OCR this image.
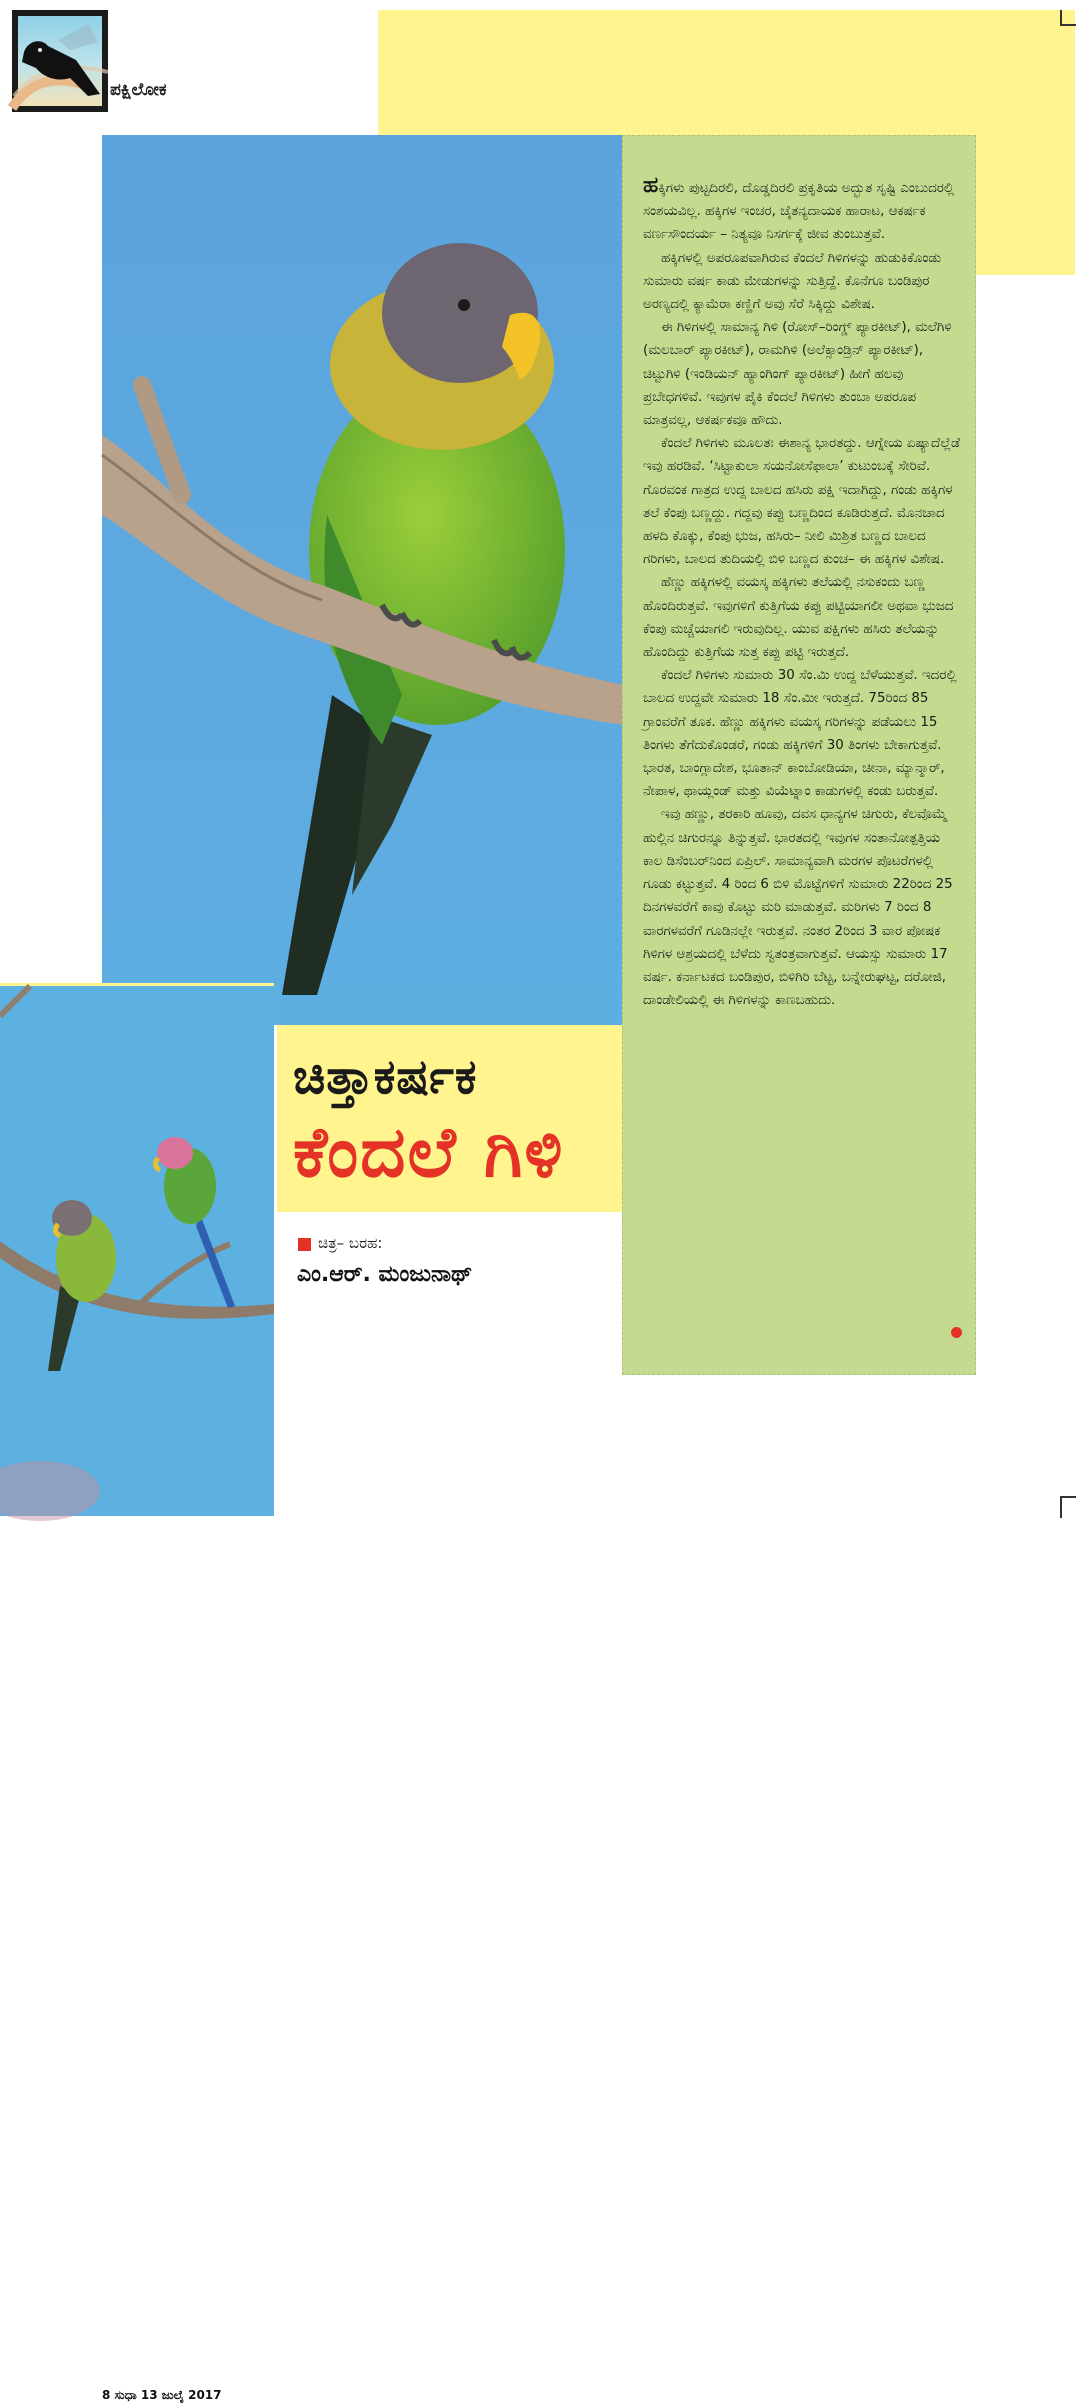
ಪಕ್ಷಿಲೋಕ
ಚಿತ್ತಾಕರ್ಷಕ
ಕೆಂದಲೆ ಗಿಳಿ
ಚಿತ್ರ– ಬರಹ:
ಎಂ.ಆರ್. ಮಂಜುನಾಥ್
8 ಸುಧಾ 13 ಜುಲೈ 2017

ಹಕ್ಕಿಗಳು ಪುಟ್ಟದಿರಲಿ, ದೊಡ್ಡದಿರಲಿ ಪ್ರಕೃತಿಯ ಅದ್ಭುತ ಸೃಷ್ಟಿ ಎಂಬುದರಲ್ಲಿ ಸಂಶಯವಿಲ್ಲ. ಹಕ್ಕಿಗಳ ಇಂಚರ, ಚೈತನ್ಯದಾಯಕ ಹಾರಾಟ, ಆಕರ್ಷಕ ವರ್ಣಸೌಂದರ್ಯ – ನಿತ್ಯವೂ ನಿಸರ್ಗಕ್ಕೆ ಜೀವ ತುಂಬುತ್ತವೆ.

ಹಕ್ಕಿಗಳಲ್ಲಿ ಅಪರೂಪವಾಗಿರುವ ಕೆಂದಲೆ ಗಿಳಿಗಳನ್ನು ಹುಡುಕಿಕೊಂಡು ಸುಮಾರು ವರ್ಷ ಕಾಡು ಮೇಡುಗಳನ್ನು ಸುತ್ತಿದ್ದೆ. ಕೊನೆಗೂ ಬಂಡಿಪುರ ಅರಣ್ಯದಲ್ಲಿ ಕ್ಯಾಮೆರಾ ಕಣ್ಣಿಗೆ ಅವು ಸೆರೆ ಸಿಕ್ಕಿದ್ದು ವಿಶೇಷ.

ಈ ಗಿಳಿಗಳಲ್ಲಿ ಸಾಮಾನ್ಯ ಗಿಳಿ (ರೋಸ್–ರಿಂಗ್ಡ್ ಪ್ಯಾರಕೀಟ್), ಮಲೆಗಿಳಿ (ಮಲಬಾರ್ ಪ್ಯಾರಕೀಟ್), ರಾಮಗಿಳಿ (ಅಲೆಕ್ಸಾಂಡ್ರಿನ್ ಪ್ಯಾರಕೀಟ್), ಚಿಟ್ಟುಗಿಳಿ (ಇಂಡಿಯನ್ ಹ್ಯಾಂಗಿಂಗ್ ಪ್ಯಾರಕೀಟ್) ಹೀಗೆ ಹಲವು ಪ್ರಬೇಧಗಳಿವೆ. ಇವುಗಳ ಪೈಕಿ ಕೆಂದಲೆ ಗಿಳಿಗಳು ತುಂಬಾ ಅಪರೂಪ ಮಾತ್ರವಲ್ಲ, ಆಕರ್ಷಕವೂ ಹೌದು.

ಕೆಂದಲೆ ಗಿಳಿಗಳು ಮೂಲತಃ ಈಶಾನ್ಯ ಭಾರತದ್ದು. ಆಗ್ನೇಯ ಏಷ್ಯಾದೆಲ್ಲೆಡೆ ಇವು ಹರಡಿವೆ. ‘ಸಿಟ್ಟಾಕುಲಾ ಸಯನೋಸೆಫಾಲಾ’ ಕುಟುಂಬಕ್ಕೆ ಸೇರಿವೆ. ಗೊರವಂಕ ಗಾತ್ರದ ಉದ್ದ ಬಾಲದ ಹಸಿರು ಪಕ್ಷಿ ಇದಾಗಿದ್ದು, ಗಂಡು ಹಕ್ಕಿಗಳ ತಲೆ ಕೆಂಪು ಬಣ್ಣದ್ದು. ಗದ್ದವು ಕಪ್ಪು ಬಣ್ಣದಿಂದ ಕೂಡಿರುತ್ತದೆ. ಮೊನಚಾದ ಹಳದಿ ಕೊಕ್ಕು, ಕೆಂಪು ಭುಜ, ಹಸಿರು– ನೀಲಿ ಮಿಶ್ರಿತ ಬಣ್ಣದ ಬಾಲದ ಗರಿಗಳು, ಬಾಲದ ತುದಿಯಲ್ಲಿ ಬಿಳಿ ಬಣ್ಣದ ಕುಂಚ– ಈ ಹಕ್ಕಿಗಳ ವಿಶೇಷ.

ಹೆಣ್ಣು ಹಕ್ಕಿಗಳಲ್ಲಿ ವಯಸ್ಕ ಹಕ್ಕಿಗಳು ತಲೆಯಲ್ಲಿ ನಸುಕಂದು ಬಣ್ಣ ಹೊಂದಿರುತ್ತವೆ. ಇವುಗಳಿಗೆ ಕುತ್ತಿಗೆಯ ಕಪ್ಪು ಪಟ್ಟಿಯಾಗಲೀ ಅಥವಾ ಭುಜದ ಕೆಂಪು ಮಚ್ಚೆಯಾಗಲಿ ಇರುವುದಿಲ್ಲ. ಯುವ ಪಕ್ಷಿಗಳು ಹಸಿರು ತಲೆಯನ್ನು ಹೊಂದಿದ್ದು ಕುತ್ತಿಗೆಯ ಸುತ್ತ ಕಪ್ಪು ಪಟ್ಟಿ ಇರುತ್ತದೆ.

ಕೆಂದಲೆ ಗಿಳಿಗಳು ಸುಮಾರು 30 ಸೆಂ.ಮಿ ಉದ್ದ ಬೆಳೆಯುತ್ತವೆ. ಇದರಲ್ಲಿ ಬಾಲದ ಉದ್ದವೇ ಸುಮಾರು 18 ಸೆಂ.ಮೀ ಇರುತ್ತದೆ. 75ರಿಂದ 85 ಗ್ರಾಂವರೆಗೆ ತೂಕ. ಹೆಣ್ಣು ಹಕ್ಕಿಗಳು ವಯಸ್ಕ ಗರಿಗಳನ್ನು ಪಡೆಯಲು 15 ತಿಂಗಳು ತೆಗೆದುಕೊಂಡರೆ, ಗಂಡು ಹಕ್ಕಿಗಳಿಗೆ 30 ತಿಂಗಳು ಬೇಕಾಗುತ್ತವೆ. ಭಾರತ, ಬಾಂಗ್ಲಾದೇಶ, ಭೂತಾನ್ ಕಾಂಬೋಡಿಯಾ, ಚೀನಾ, ಮ್ಯಾನ್ಮಾರ್, ನೇಪಾಳ, ಥಾಯ್ಲಂಡ್ ಮತ್ತು ವಿಯೆಟ್ನಾಂ ಕಾಡುಗಳಲ್ಲಿ ಕಂಡು ಬರುತ್ತವೆ.

ಇವು ಹಣ್ಣು, ತರಕಾರಿ ಹೂವು, ದವಸ ಧಾನ್ಯಗಳ ಚಿಗುರು, ಕೆಲವೊಮ್ಮೆ ಹುಲ್ಲಿನ ಚಿಗುರನ್ನೂ ತಿನ್ನುತ್ತವೆ. ಭಾರತದಲ್ಲಿ ಇವುಗಳ ಸಂತಾನೋತ್ಪತ್ತಿಯ ಕಾಲ ಡಿಸೆಂಬರ್‌ನಿಂದ ಏಪ್ರಿಲ್. ಸಾಮಾನ್ಯವಾಗಿ ಮರಗಳ ಪೊಟರೆಗಳಲ್ಲಿ ಗೂಡು ಕಟ್ಟುತ್ತವೆ. 4 ರಿಂದ 6 ಬಿಳಿ ಮೊಟ್ಟೆಗಳಿಗೆ ಸುಮಾರು 22ರಿಂದ 25 ದಿನಗಳವರೆಗೆ ಕಾವು ಕೊಟ್ಟು ಮರಿ ಮಾಡುತ್ತವೆ. ಮರಿಗಳು 7 ರಿಂದ 8 ವಾರಗಳವರೆಗೆ ಗೂಡಿನಲ್ಲೇ ಇರುತ್ತವೆ. ನಂತರ 2ರಿಂದ 3 ವಾರ ಪೋಷಕ ಗಿಳಿಗಳ ಆಶ್ರಯದಲ್ಲಿ ಬೆಳೆದು ಸ್ವತಂತ್ರವಾಗುತ್ತವೆ. ಆಯಸ್ಸು ಸುಮಾರು 17 ವರ್ಷ. ಕರ್ನಾಟಕದ ಬಂಡಿಪುರ, ಬಿಳಿಗಿರಿ ಬೆಟ್ಟ, ಬನ್ನೇರುಘಟ್ಟ, ದರೋಜಿ, ದಾಂಡೇಲಿಯಲ್ಲಿ ಈ ಗಿಳಿಗಳನ್ನು ಕಾಣಬಹುದು.
